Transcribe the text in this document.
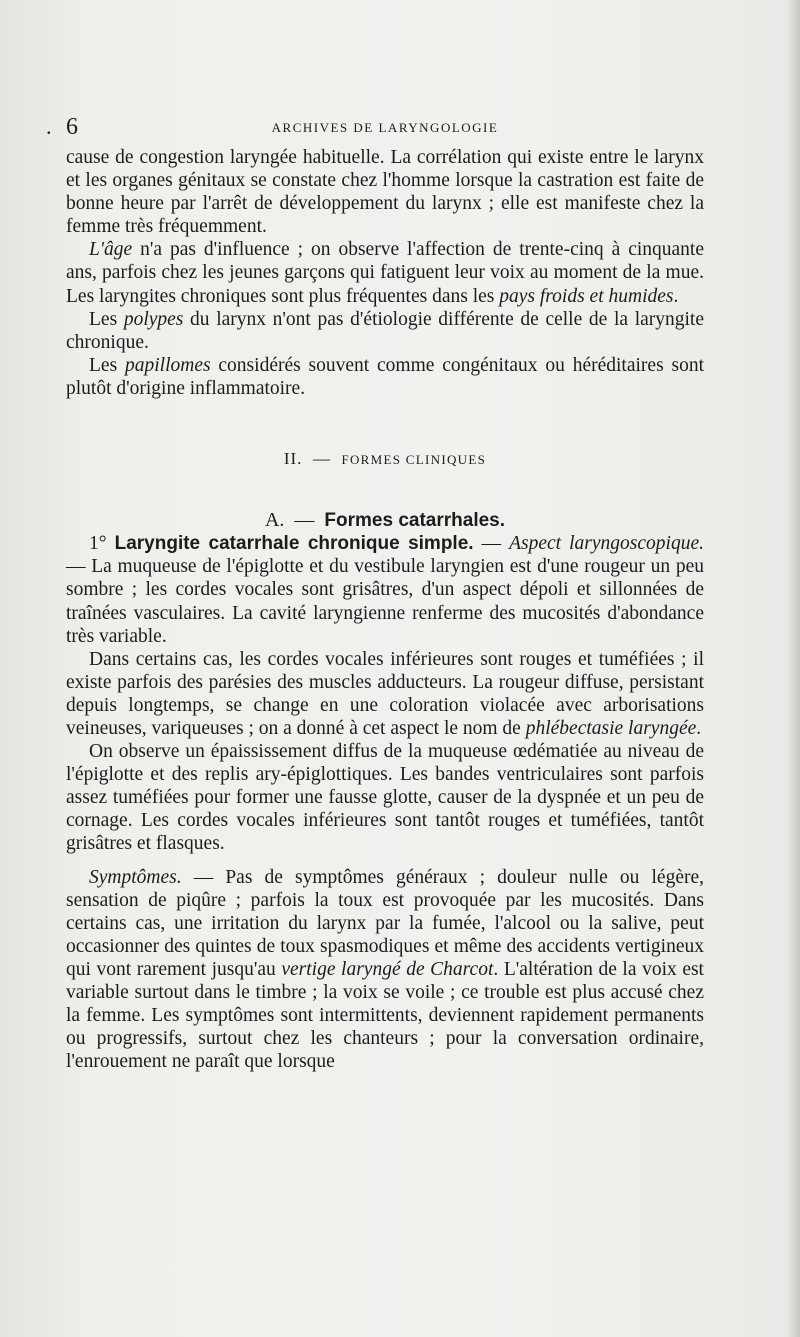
. 6	ARCHIVES DE LARYNGOLOGIE

cause de congestion laryngée habituelle. La corrélation qui existe entre le larynx et les organes génitaux se constate chez l'homme lorsque la castration est faite de bonne heure par l'arrêt de développement du larynx ; elle est manifeste chez la femme très fréquemment.

L'âge n'a pas d'influence ; on observe l'affection de trente-cinq à cinquante ans, parfois chez les jeunes garçons qui fatiguent leur voix au moment de la mue. Les laryngites chroniques sont plus fréquentes dans les pays froids et humides.

Les polypes du larynx n'ont pas d'étiologie différente de celle de la laryngite chronique.

Les papillomes considérés souvent comme congénitaux ou héréditaires sont plutôt d'origine inflammatoire.

II. — FORMES CLINIQUES
A. — Formes catarrhales.

1° Laryngite catarrhale chronique simple. — Aspect laryngoscopique. — La muqueuse de l'épiglotte et du vestibule laryngien est d'une rougeur un peu sombre ; les cordes vocales sont grisâtres, d'un aspect dépoli et sillonnées de traînées vasculaires. La cavité laryngienne renferme des mucosités d'abondance très variable.

Dans certains cas, les cordes vocales inférieures sont rouges et tuméfiées ; il existe parfois des parésies des muscles adducteurs. La rougeur diffuse, persistant depuis longtemps, se change en une coloration violacée avec arborisations veineuses, variqueuses ; on a donné à cet aspect le nom de phlébectasie laryngée.

On observe un épaississement diffus de la muqueuse œdématiée au niveau de l'épiglotte et des replis ary-épiglottiques. Les bandes ventriculaires sont parfois assez tuméfiées pour former une fausse glotte, causer de la dyspnée et un peu de cornage. Les cordes vocales inférieures sont tantôt rouges et tuméfiées, tantôt grisâtres et flasques.

Symptômes. — Pas de symptômes généraux ; douleur nulle ou légère, sensation de piqûre ; parfois la toux est provoquée par les mucosités. Dans certains cas, une irritation du larynx par la fumée, l'alcool ou la salive, peut occasionner des quintes de toux spasmodiques et même des accidents vertigineux qui vont rarement jusqu'au vertige laryngé de Charcot. L'altération de la voix est variable surtout dans le timbre ; la voix se voile ; ce trouble est plus accusé chez la femme. Les symptômes sont intermittents, deviennent rapidement permanents ou progressifs, surtout chez les chanteurs ; pour la conversation ordinaire, l'enrouement ne paraît que lorsque
